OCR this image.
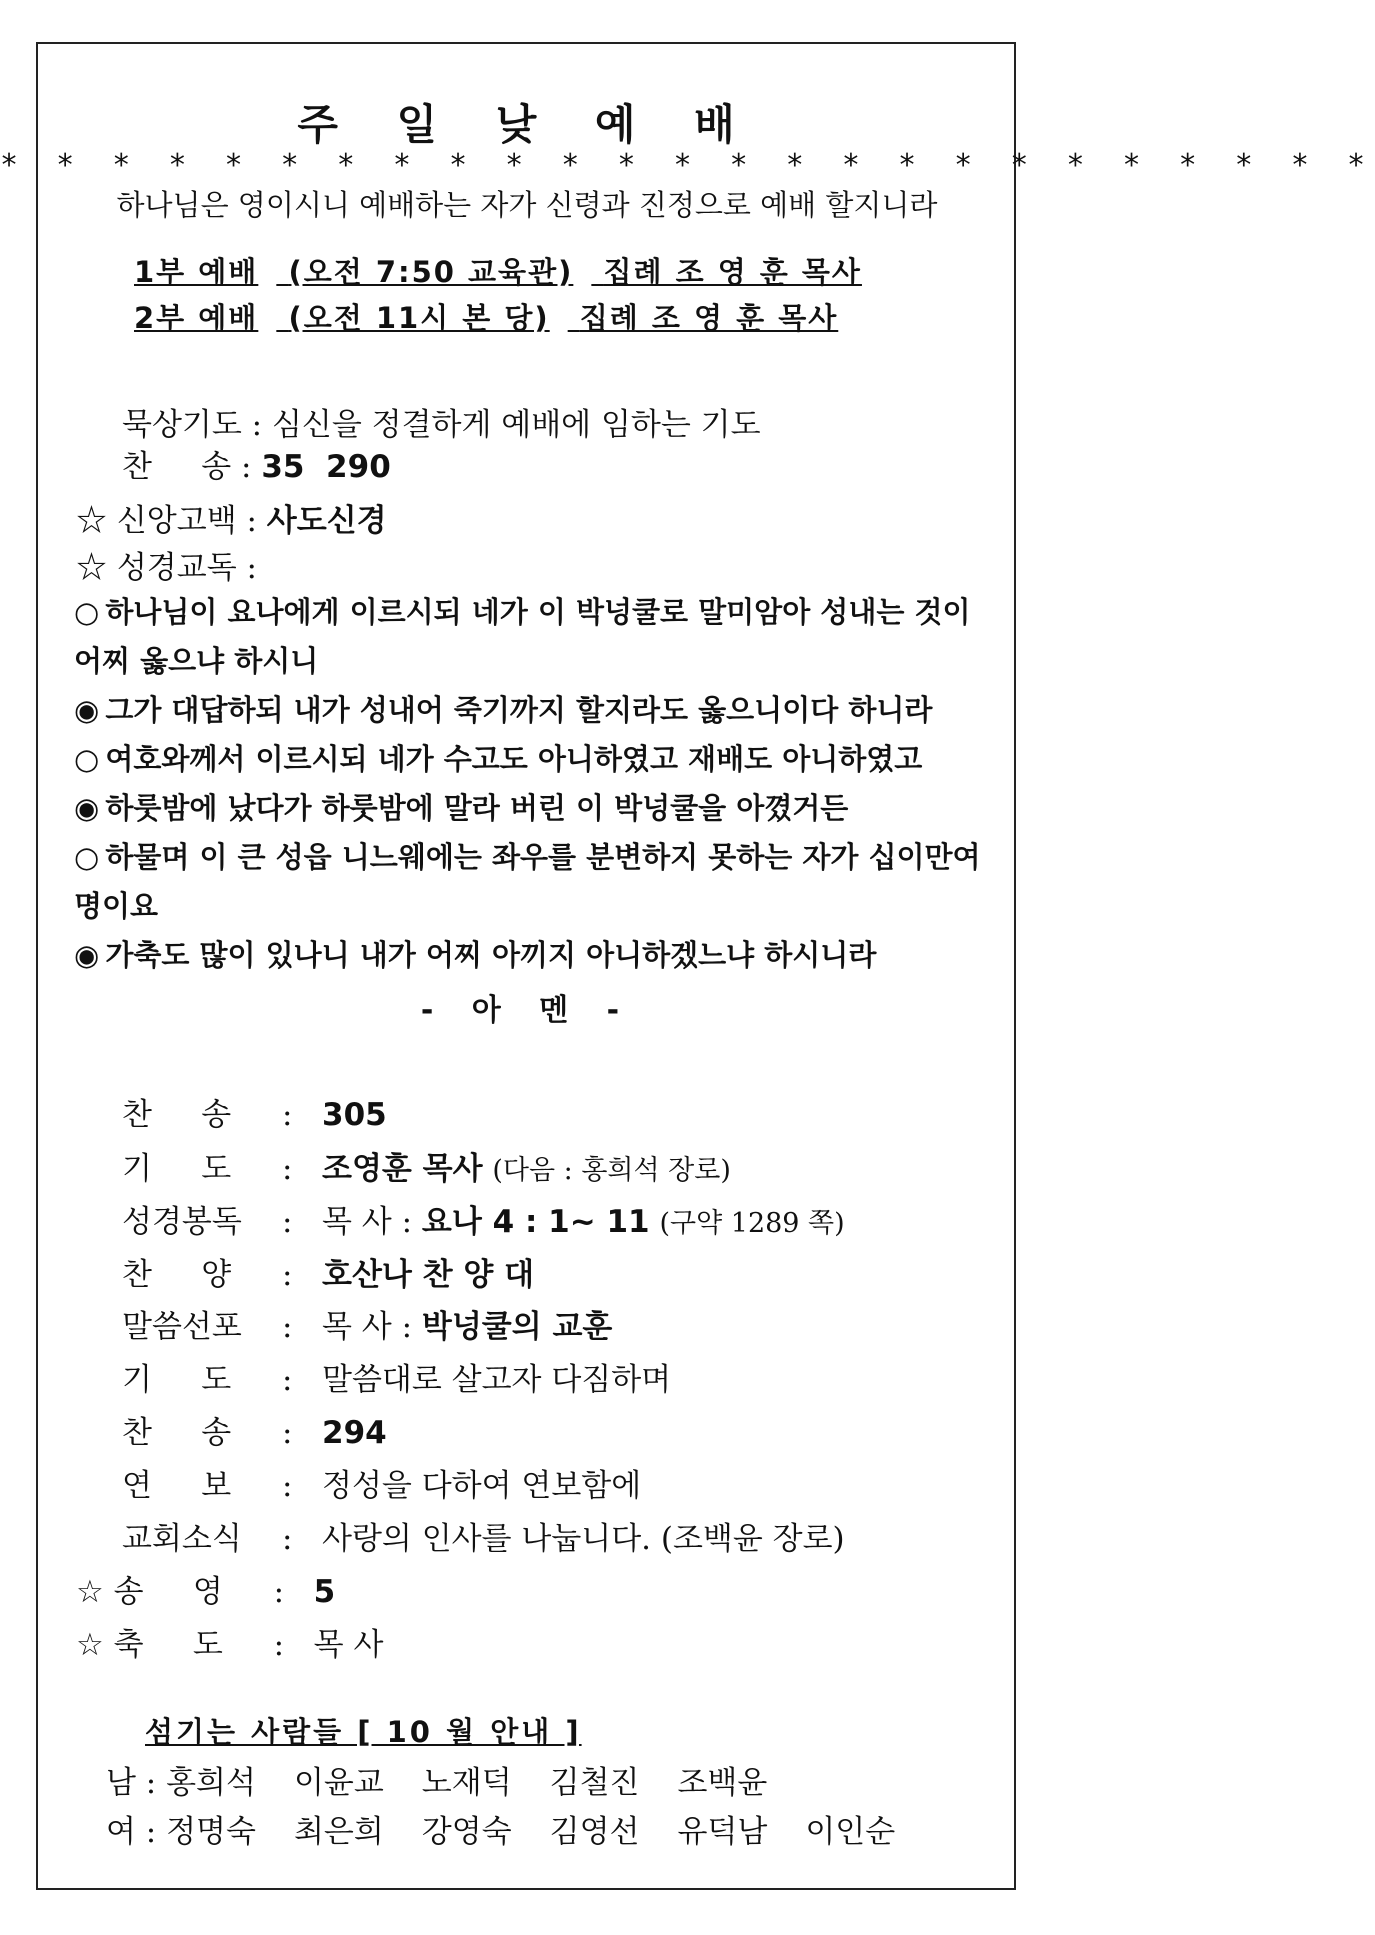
주 일 낮 예 배
* * * * * * * * * * * * * * * * * * * * * * * * *
하나님은 영이시니 예배하는 자가 신령과 진정으로 예배 할지니라
1부 예배 (오전 7:50 교육관) 집례 조 영 훈 목사
2부 예배 (오전 11시 본 당) 집례 조 영 훈 목사
묵상기도 : 심신을 정결하게 예배에 임하는 기도
찬     송 : 35  290
☆ 신앙고백 : 사도신경
☆ 성경교독 :
○ 하나님이 요나에게 이르시되 네가 이 박넝쿨로 말미암아 성내는 것이 어찌 옳으냐 하시니
◉ 그가 대답하되 내가 성내어 죽기까지 할지라도 옳으니이다 하니라
○ 여호와께서 이르시되 네가 수고도 아니하였고 재배도 아니하였고
◉ 하룻밤에 났다가 하룻밤에 말라 버린 이 박넝쿨을 아꼈거든
○ 하물며 이 큰 성읍 니느웨에는 좌우를 분변하지 못하는 자가 십이만여 명이요
◉ 가축도 많이 있나니 내가 어찌 아끼지 아니하겠느냐 하시니라
- 아 멘 -
찬     송 : 305
기     도 : 조영훈 목사 (다음 : 홍희석 장로)
성경봉독 : 목 사 : 요나 4 : 1~ 11 (구약 1289 쪽)
찬     양 : 호산나 찬 양 대
말씀선포 : 목 사 : 박넝쿨의 교훈
기     도 : 말씀대로 살고자 다짐하며
찬     송 : 294
연     보 : 정성을 다하여 연보함에
교회소식 : 사랑의 인사를 나눕니다. (조백윤 장로)
☆ 송     영 : 5
☆ 축     도 : 목 사
섬기는 사람들 [ 10 월 안내 ]
남 : 홍희석 이윤교 노재덕 김철진 조백윤
여 : 정명숙 최은희 강영숙 김영선 유덕남 이인순
